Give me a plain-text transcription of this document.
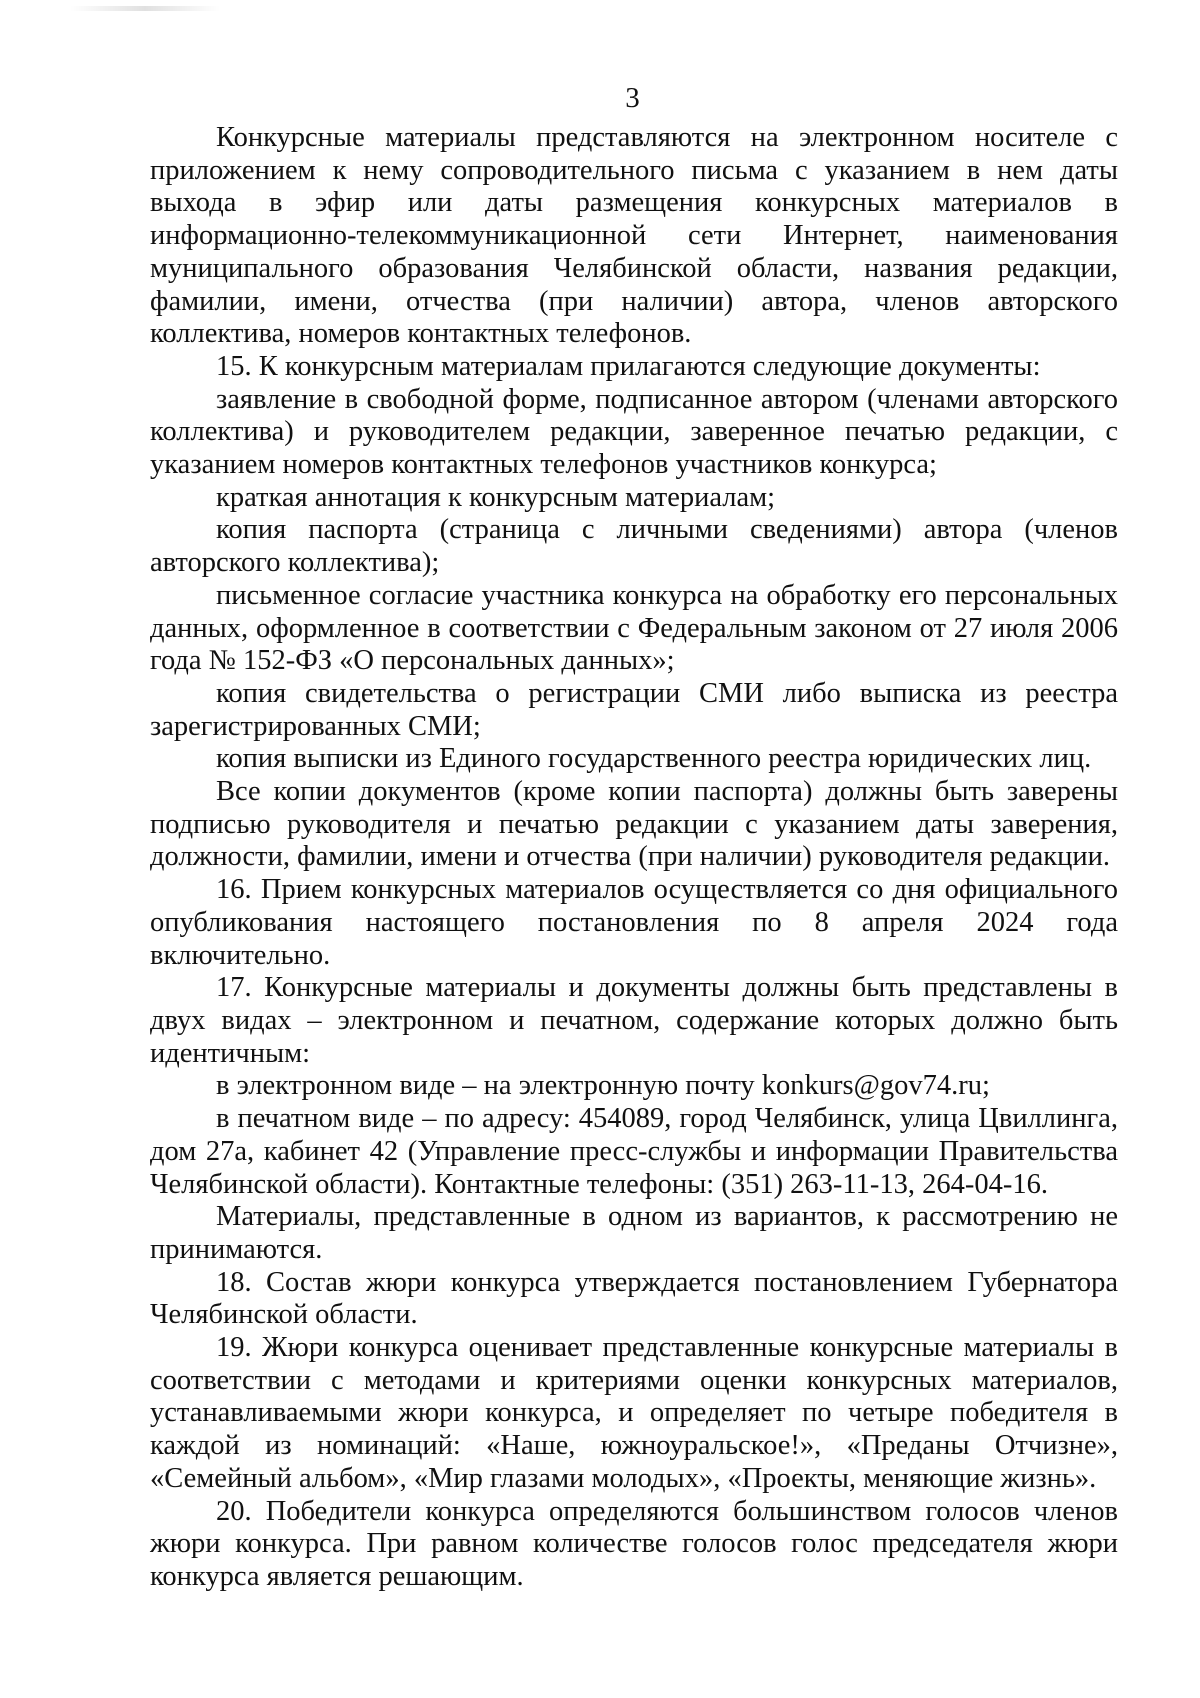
3

Конкурсные материалы представляются на электронном носителе с приложением к нему сопроводительного письма с указанием в нем даты выхода в эфир или даты размещения конкурсных материалов в информационно-телекоммуникационной сети Интернет, наименования муниципального образования Челябинской области, названия редакции, фамилии, имени, отчества (при наличии) автора, членов авторского коллектива, номеров контактных телефонов.

15. К конкурсным материалам прилагаются следующие документы:

заявление в свободной форме, подписанное автором (членами авторского коллектива) и руководителем редакции, заверенное печатью редакции, с указанием номеров контактных телефонов участников конкурса;

краткая аннотация к конкурсным материалам;

копия паспорта (страница с личными сведениями) автора (членов авторского коллектива);

письменное согласие участника конкурса на обработку его персональных данных, оформленное в соответствии с Федеральным законом от 27 июля 2006 года № 152-ФЗ «О персональных данных»;

копия свидетельства о регистрации СМИ либо выписка из реестра зарегистрированных СМИ;

копия выписки из Единого государственного реестра юридических лиц.

Все копии документов (кроме копии паспорта) должны быть заверены подписью руководителя и печатью редакции с указанием даты заверения, должности, фамилии, имени и отчества (при наличии) руководителя редакции.

16. Прием конкурсных материалов осуществляется со дня официального опубликования настоящего постановления по 8 апреля 2024 года включительно.

17. Конкурсные материалы и документы должны быть представлены в двух видах – электронном и печатном, содержание которых должно быть идентичным:

в электронном виде – на электронную почту konkurs@gov74.ru;

в печатном виде – по адресу: 454089, город Челябинск, улица Цвиллинга, дом 27а, кабинет 42 (Управление пресс-службы и информации Правительства Челябинской области). Контактные телефоны: (351) 263-11-13, 264-04-16.

Материалы, представленные в одном из вариантов, к рассмотрению не принимаются.

18. Состав жюри конкурса утверждается постановлением Губернатора Челябинской области.

19. Жюри конкурса оценивает представленные конкурсные материалы в соответствии с методами и критериями оценки конкурсных материалов, устанавливаемыми жюри конкурса, и определяет по четыре победителя в каждой из номинаций: «Наше, южноуральское!», «Преданы Отчизне», «Семейный альбом», «Мир глазами молодых», «Проекты, меняющие жизнь».

20. Победители конкурса определяются большинством голосов членов жюри конкурса. При равном количестве голосов голос председателя жюри конкурса является решающим.
